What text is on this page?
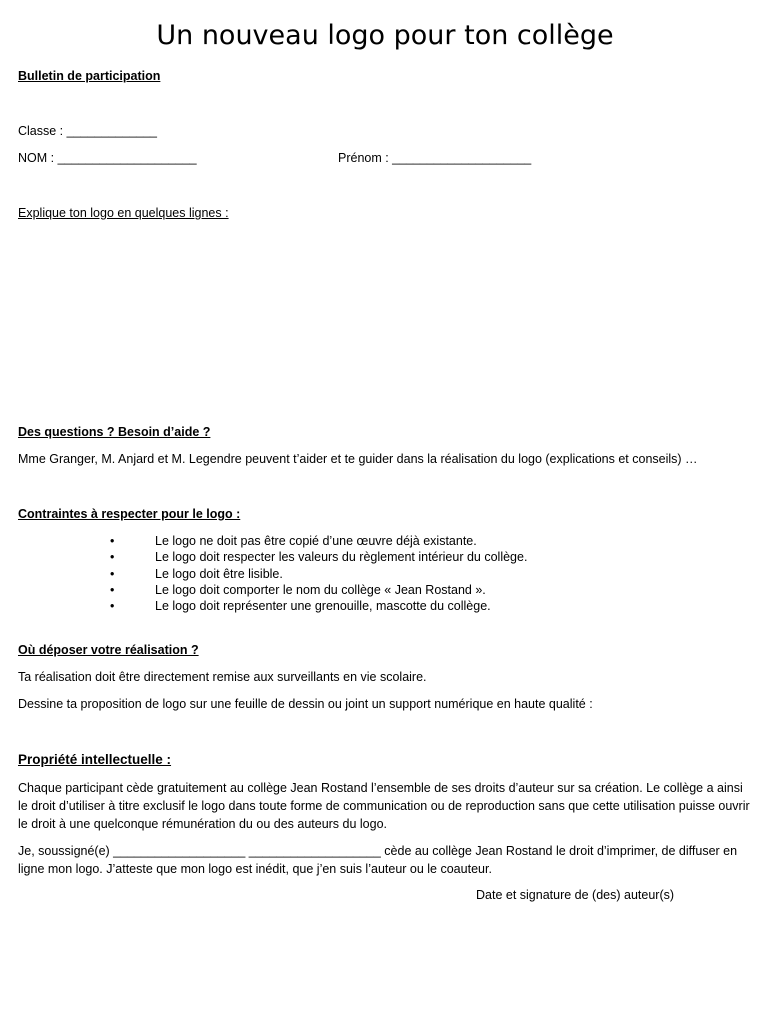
Un nouveau logo pour ton collège
Bulletin de participation
Classe : _____________
NOM : ____________________	Prénom : ____________________
Explique ton logo en quelques lignes :
Des questions ? Besoin d’aide ?
Mme Granger, M. Anjard et M. Legendre peuvent t’aider et te guider dans la réalisation du logo (explications et conseils) …
Contraintes à respecter pour le logo :
•	Le logo ne doit pas être copié d’une œuvre déjà existante.
•	Le logo doit respecter les valeurs du règlement intérieur du collège.
•	Le logo doit être lisible.
•	Le logo doit comporter le nom du collège « Jean Rostand ».
•	Le logo doit représenter une grenouille, mascotte du collège.
Où déposer votre réalisation ?
Ta réalisation doit être directement remise aux surveillants en vie scolaire.
Dessine ta proposition de logo sur une feuille de dessin ou joint un support numérique en haute qualité :
Propriété intellectuelle :
Chaque participant cède gratuitement au collège Jean Rostand l’ensemble de ses droits d’auteur sur sa création. Le collège a ainsi le droit d’utiliser à titre exclusif le logo dans toute forme de communication ou de reproduction sans que cette utilisation puisse ouvrir le droit à une quelconque rémunération du ou des auteurs du logo.
Je, soussigné(e) ___________________ ___________________ cède au collège Jean Rostand le droit d’imprimer, de diffuser en ligne mon logo. J’atteste que mon logo est inédit, que j’en suis l’auteur ou le coauteur.
Date et signature de (des) auteur(s)
